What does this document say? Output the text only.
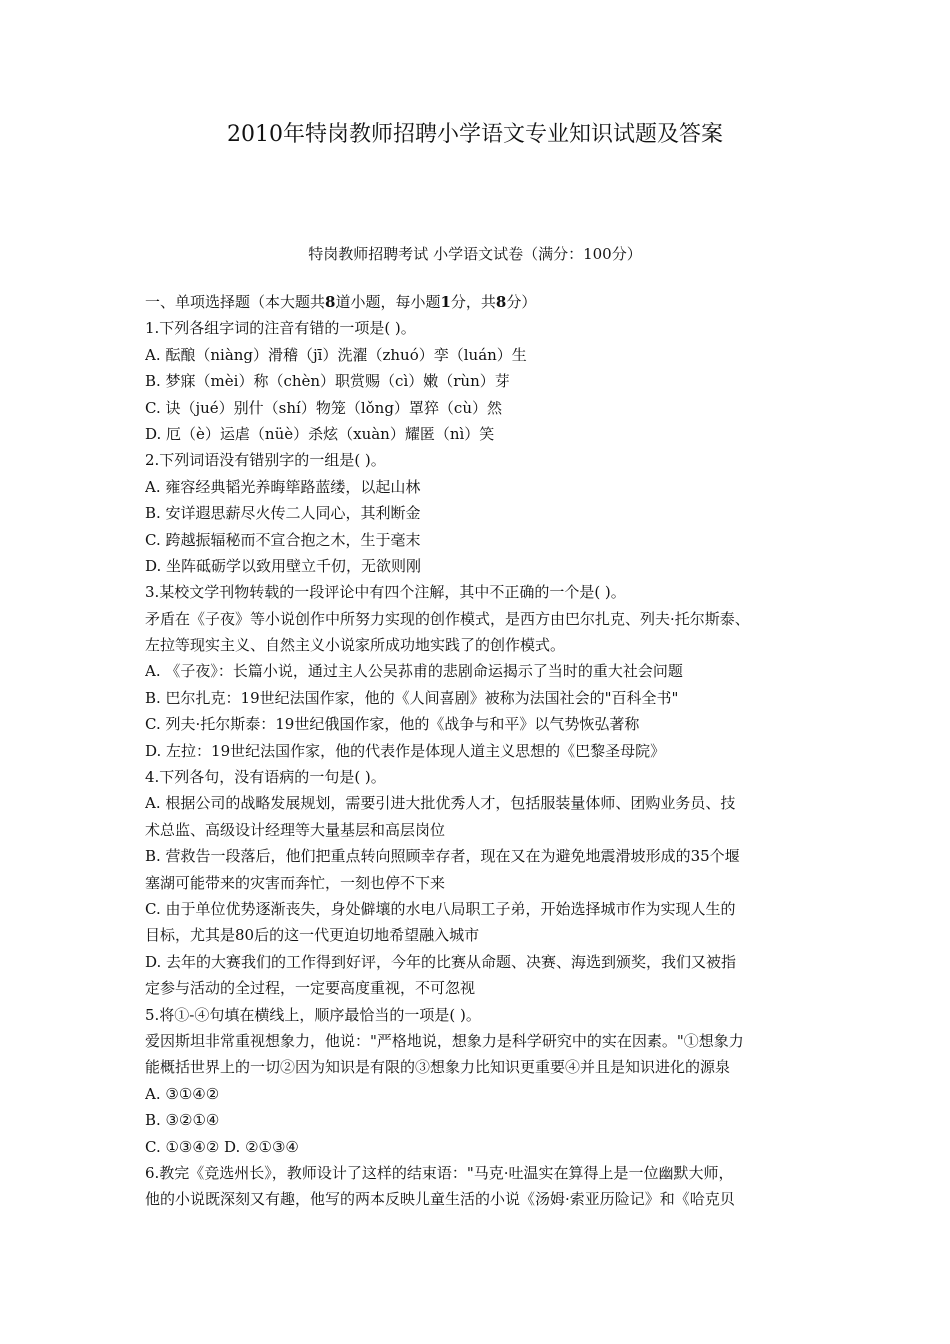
2010年特岗教师招聘小学语文专业知识试题及答案
特岗教师招聘考试 小学语文试卷（满分：100分）
一、单项选择题（本大题共8道小题，每小题1分，共8分）
1.下列各组字词的注音有错的一项是( )。
A. 酝酿（niàng）滑稽（jī）洗濯（zhuó）孪（luán）生
B. 梦寐（mèi）称（chèn）职赏赐（cì）嫩（rùn）芽
C. 诀（jué）别什（shí）物笼（lǒng）罩猝（cù）然
D. 厄（è）运虐（nüè）杀炫（xuàn）耀匿（nì）笑
2.下列词语没有错别字的一组是( )。
A. 雍容经典韬光养晦筚路蓝缕，以起山林
B. 安详遐思薪尽火传二人同心，其利断金
C. 跨越振辐秘而不宣合抱之木，生于毫末
D. 坐阵砥砺学以致用壁立千仞，无欲则刚
3.某校文学刊物转载的一段评论中有四个注解，其中不正确的一个是( )。
矛盾在《子夜》等小说创作中所努力实现的创作模式，是西方由巴尔扎克、列夫·托尔斯泰、
左拉等现实主义、自然主义小说家所成功地实践了的创作模式。
A. 《子夜》：长篇小说，通过主人公吴荪甫的悲剧命运揭示了当时的重大社会问题
B. 巴尔扎克：19世纪法国作家，他的《人间喜剧》被称为法国社会的"百科全书"
C. 列夫·托尔斯泰：19世纪俄国作家，他的《战争与和平》以气势恢弘著称
D. 左拉：19世纪法国作家，他的代表作是体现人道主义思想的《巴黎圣母院》
4.下列各句，没有语病的一句是( )。
A. 根据公司的战略发展规划，需要引进大批优秀人才，包括服装量体师、团购业务员、技
术总监、高级设计经理等大量基层和高层岗位
B. 营救告一段落后，他们把重点转向照顾幸存者，现在又在为避免地震滑坡形成的35个堰
塞湖可能带来的灾害而奔忙，一刻也停不下来
C. 由于单位优势逐渐丧失，身处僻壤的水电八局职工子弟，开始选择城市作为实现人生的
目标，尤其是80后的这一代更迫切地希望融入城市
D. 去年的大赛我们的工作得到好评，今年的比赛从命题、决赛、海选到颁奖，我们又被指
定参与活动的全过程，一定要高度重视，不可忽视
5.将①-④句填在横线上，顺序最恰当的一项是( )。
爱因斯坦非常重视想象力，他说："严格地说，想象力是科学研究中的实在因素。"①想象力
能概括世界上的一切②因为知识是有限的③想象力比知识更重要④并且是知识进化的源泉
A. ③①④②
B. ③②①④
C. ①③④② D. ②①③④
6.教完《竞选州长》，教师设计了这样的结束语："马克·吐温实在算得上是一位幽默大师，
他的小说既深刻又有趣，他写的两本反映儿童生活的小说《汤姆·索亚历险记》和《哈克贝
